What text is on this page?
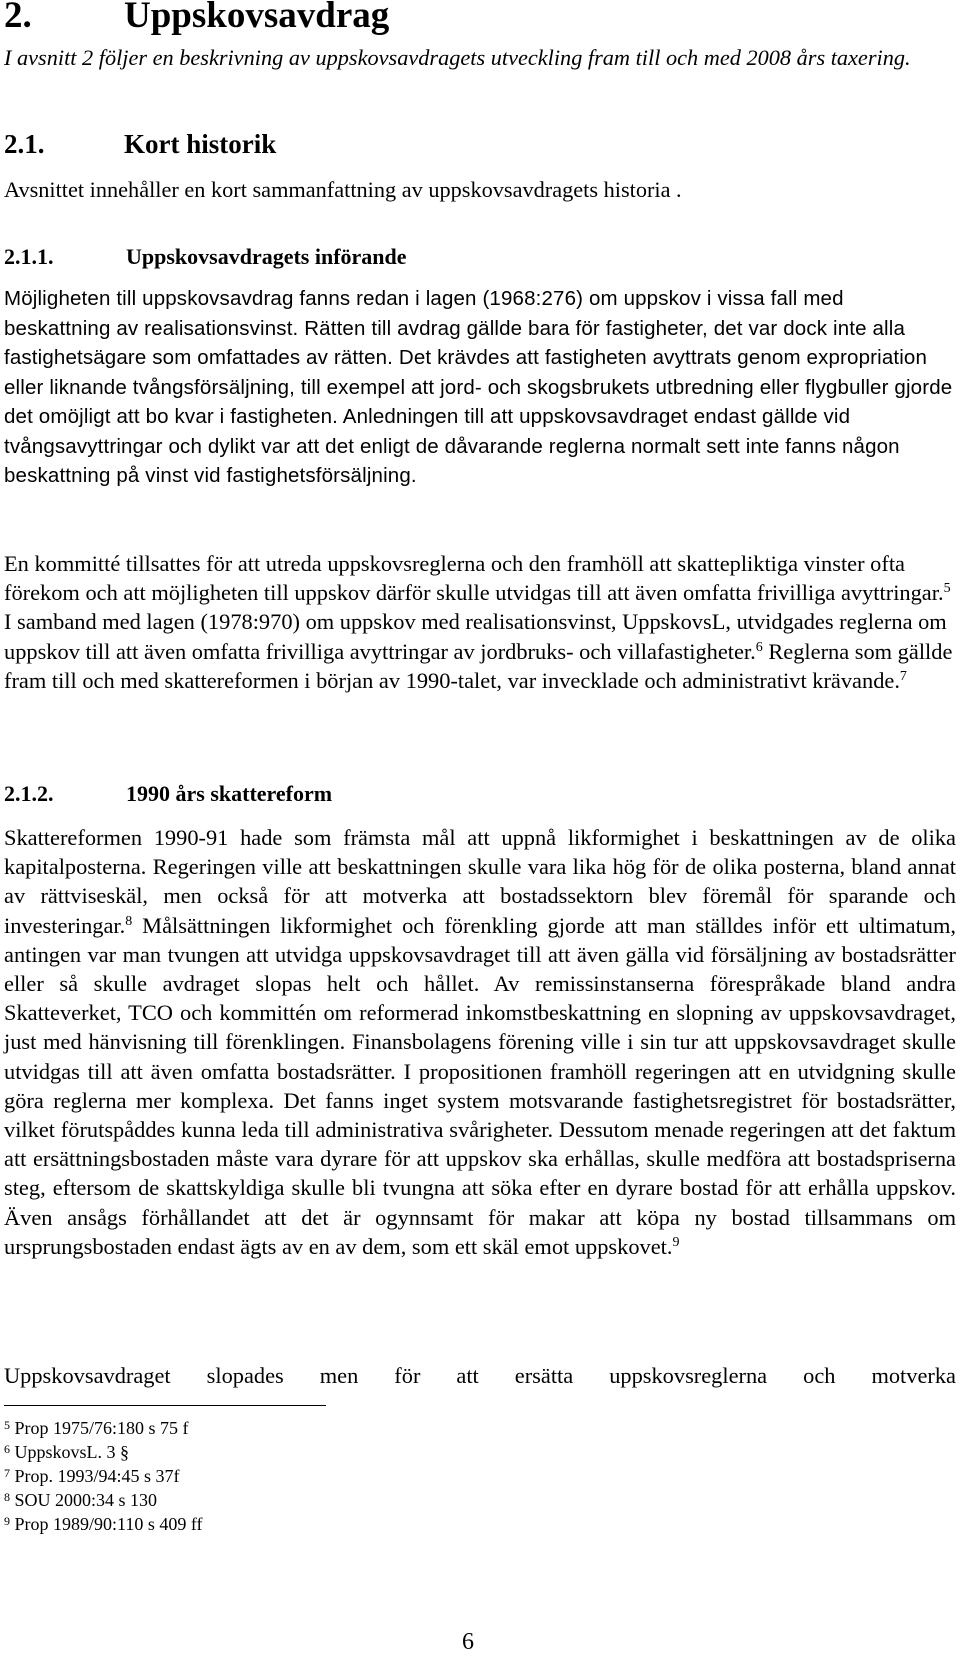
2. Uppskovsavdrag
I avsnitt 2 följer en beskrivning av uppskovsavdragets utveckling fram till och med 2008 års taxering.
2.1.	Kort historik
Avsnittet innehåller en kort sammanfattning av uppskovsavdragets historia .
2.1.1.	Uppskovsavdragets införande
Möjligheten till uppskovsavdrag fanns redan i lagen (1968:276) om uppskov i vissa fall med beskattning av realisationsvinst. Rätten till avdrag gällde bara för fastigheter, det var dock inte alla fastighetsägare som omfattades av rätten. Det krävdes att fastigheten avyttrats genom expropriation eller liknande tvångsförsäljning, till exempel att jord- och skogsbrukets utbredning eller flygbuller gjorde det omöjligt att bo kvar i fastigheten. Anledningen till att uppskovsavdraget endast gällde vid tvångsavyttringar och dylikt var att det enligt de dåvarande reglerna normalt sett inte fanns någon beskattning på vinst vid fastighetsförsäljning.
En kommitté tillsattes för att utreda uppskovsreglerna och den framhöll att skattepliktiga vinster ofta förekom och att möjligheten till uppskov därför skulle utvidgas till att även omfatta frivilliga avyttringar.$^5$ I samband med lagen (1978:970) om uppskov med realisationsvinst, UppskovsL, utvidgades reglerna om uppskov till att även omfatta frivilliga avyttringar av jordbruks- och villafastigheter.$^6$ Reglerna som gällde fram till och med skattereformen i början av 1990-talet, var invecklade och administrativt krävande.$^7$
2.1.2.	1990 års skattereform
Skattereformen 1990-91 hade som främsta mål att uppnå likformighet i beskattningen av de olika kapitalposterna. Regeringen ville att beskattningen skulle vara lika hög för de olika posterna, bland annat av rättviseskäl, men också för att motverka att bostadssektorn blev föremål för sparande och investeringar.$^8$ Målsättningen likformighet och förenkling gjorde att man ställdes inför ett ultimatum, antingen var man tvungen att utvidga uppskovsavdraget till att även gälla vid försäljning av bostadsrätter eller så skulle avdraget slopas helt och hållet. Av remissinstanserna förespråkade bland andra Skatteverket, TCO och kommittén om reformerad inkomstbeskattning en slopning av uppskovsavdraget, just med hänvisning till förenklingen. Finansbolagens förening ville i sin tur att uppskovsavdraget skulle utvidgas till att även omfatta bostadsrätter. I propositionen framhöll regeringen att en utvidgning skulle göra reglerna mer komplexa. Det fanns inget system motsvarande fastighetsregistret för bostadsrätter, vilket förutspåddes kunna leda till administrativa svårigheter. Dessutom menade regeringen att det faktum att ersättningsbostaden måste vara dyrare för att uppskov ska erhållas, skulle medföra att bostadspriserna steg, eftersom de skattskyldiga skulle bli tvungna att söka efter en dyrare bostad för att erhålla uppskov. Även ansågs förhållandet att det är ogynnsamt för makar att köpa ny bostad tillsammans om ursprungsbostaden endast ägts av en av dem, som ett skäl emot uppskovet.$^9$
Uppskovsavdraget slopades men för att ersätta uppskovsreglerna och motverka
$^5$ Prop 1975/76:180 s 75 f
$^6$ UppskovsL. 3 §
$^7$ Prop. 1993/94:45 s 37f
$^8$ SOU 2000:34 s 130
$^9$ Prop 1989/90:110 s 409 ff
6
